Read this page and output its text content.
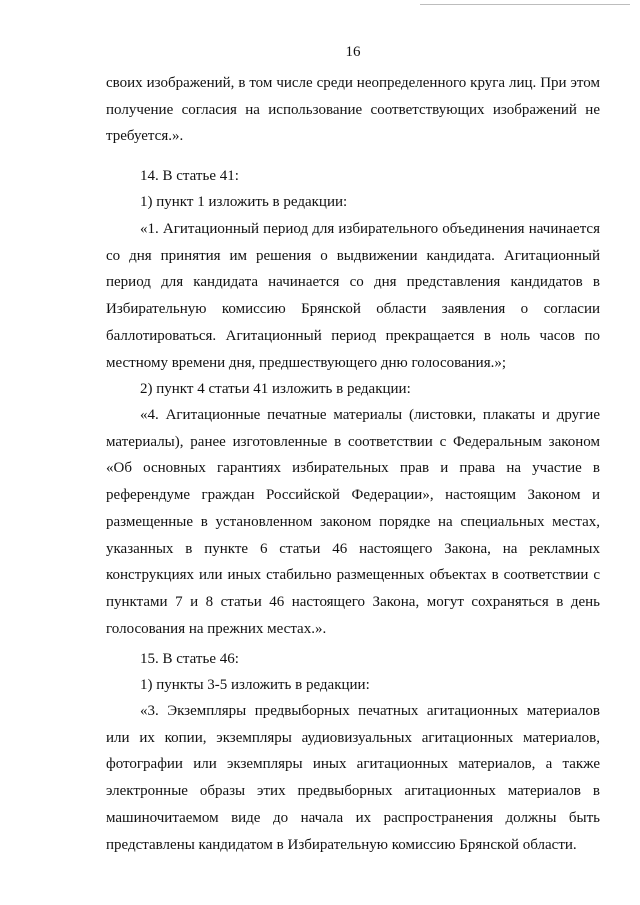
16

своих изображений, в том числе среди неопределенного круга лиц. При этом получение согласия на использование соответствующих изображений не требуется.».

14. В статье 41:

1) пункт 1 изложить в редакции:

«1. Агитационный период для избирательного объединения начинается со дня принятия им решения о выдвижении кандидата. Агитационный период для кандидата начинается со дня представления кандидатов в Избирательную комиссию Брянской области заявления о согласии баллотироваться. Агитационный период прекращается в ноль часов по местному времени дня, предшествующего дню голосования.»;

2) пункт 4 статьи 41 изложить в редакции:

«4. Агитационные печатные материалы (листовки, плакаты и другие материалы), ранее изготовленные в соответствии с Федеральным законом «Об основных гарантиях избирательных прав и права на участие в референдуме граждан Российской Федерации», настоящим Законом и размещенные в установленном законом порядке на специальных местах, указанных в пункте 6 статьи 46 настоящего Закона, на рекламных конструкциях или иных стабильно размещенных объектах в соответствии с пунктами 7 и 8 статьи 46 настоящего Закона, могут сохраняться в день голосования на прежних местах.».

15. В статье 46:

1) пункты 3-5 изложить в редакции:

«3. Экземпляры предвыборных печатных агитационных материалов или их копии, экземпляры аудиовизуальных агитационных материалов, фотографии или экземпляры иных агитационных материалов, а также электронные образы этих предвыборных агитационных материалов в машиночитаемом виде до начала их распространения должны быть представлены кандидатом в Избирательную комиссию Брянской области.
